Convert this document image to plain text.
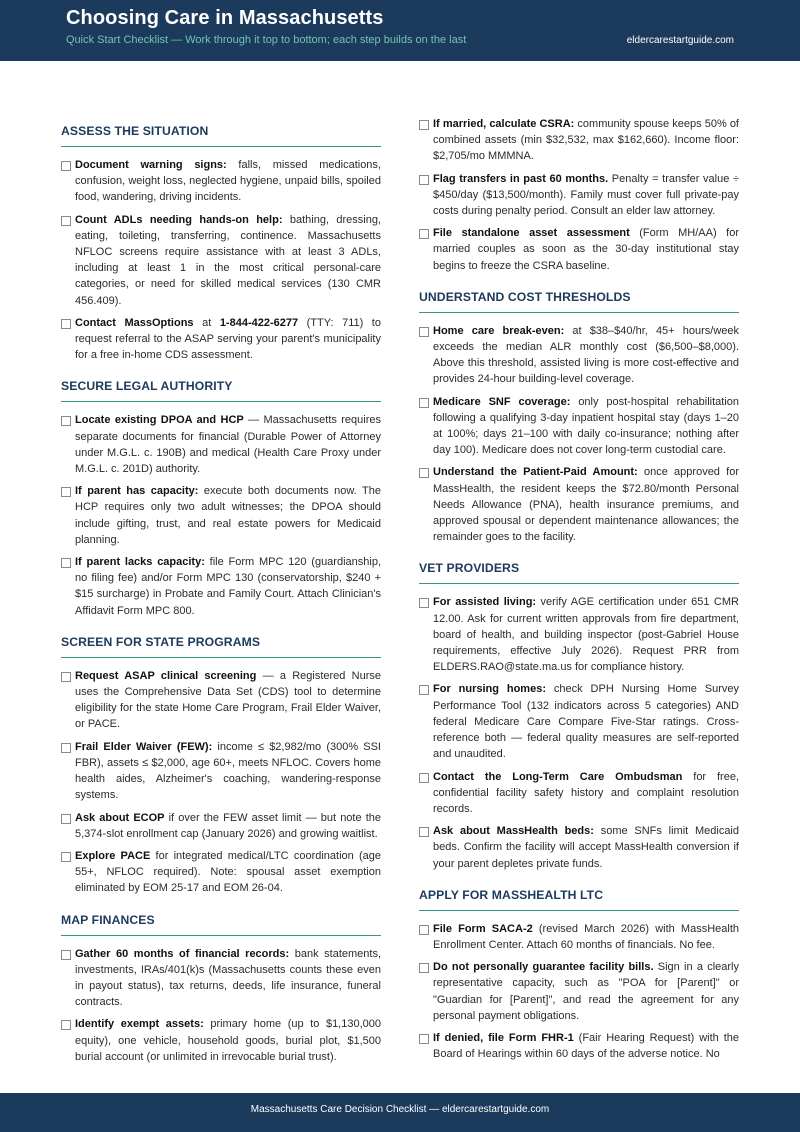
Choosing Care in Massachusetts
Quick Start Checklist — Work through it top to bottom; each step builds on the last	eldercarestartguide.com
ASSESS THE SITUATION
Document warning signs: falls, missed medications, confusion, weight loss, neglected hygiene, unpaid bills, spoiled food, wandering, driving incidents.
Count ADLs needing hands-on help: bathing, dressing, eating, toileting, transferring, continence. Massachusetts NFLOC screens require assistance with at least 3 ADLs, including at least 1 in the most critical personal-care categories, or need for skilled medical services (130 CMR 456.409).
Contact MassOptions at 1-844-422-6277 (TTY: 711) to request referral to the ASAP serving your parent's municipality for a free in-home CDS assessment.
SECURE LEGAL AUTHORITY
Locate existing DPOA and HCP — Massachusetts requires separate documents for financial (Durable Power of Attorney under M.G.L. c. 190B) and medical (Health Care Proxy under M.G.L. c. 201D) authority.
If parent has capacity: execute both documents now. The HCP requires only two adult witnesses; the DPOA should include gifting, trust, and real estate powers for Medicaid planning.
If parent lacks capacity: file Form MPC 120 (guardianship, no filing fee) and/or Form MPC 130 (conservatorship, $240 + $15 surcharge) in Probate and Family Court. Attach Clinician's Affidavit Form MPC 800.
SCREEN FOR STATE PROGRAMS
Request ASAP clinical screening — a Registered Nurse uses the Comprehensive Data Set (CDS) tool to determine eligibility for the state Home Care Program, Frail Elder Waiver, or PACE.
Frail Elder Waiver (FEW): income ≤ $2,982/mo (300% SSI FBR), assets ≤ $2,000, age 60+, meets NFLOC. Covers home health aides, Alzheimer's coaching, wandering-response systems.
Ask about ECOP if over the FEW asset limit — but note the 5,374-slot enrollment cap (January 2026) and growing waitlist.
Explore PACE for integrated medical/LTC coordination (age 55+, NFLOC required). Note: spousal asset exemption eliminated by EOM 25-17 and EOM 26-04.
MAP FINANCES
Gather 60 months of financial records: bank statements, investments, IRAs/401(k)s (Massachusetts counts these even in payout status), tax returns, deeds, life insurance, funeral contracts.
Identify exempt assets: primary home (up to $1,130,000 equity), one vehicle, household goods, burial plot, $1,500 burial account (or unlimited in irrevocable burial trust).
If married, calculate CSRA: community spouse keeps 50% of combined assets (min $32,532, max $162,660). Income floor: $2,705/mo MMMNA.
Flag transfers in past 60 months. Penalty = transfer value ÷ $450/day ($13,500/month). Family must cover full private-pay costs during penalty period. Consult an elder law attorney.
File standalone asset assessment (Form MH/AA) for married couples as soon as the 30-day institutional stay begins to freeze the CSRA baseline.
UNDERSTAND COST THRESHOLDS
Home care break-even: at $38–$40/hr, 45+ hours/week exceeds the median ALR monthly cost ($6,500–$8,000). Above this threshold, assisted living is more cost-effective and provides 24-hour building-level coverage.
Medicare SNF coverage: only post-hospital rehabilitation following a qualifying 3-day inpatient hospital stay (days 1–20 at 100%; days 21–100 with daily co-insurance; nothing after day 100). Medicare does not cover long-term custodial care.
Understand the Patient-Paid Amount: once approved for MassHealth, the resident keeps the $72.80/month Personal Needs Allowance (PNA), health insurance premiums, and approved spousal or dependent maintenance allowances; the remainder goes to the facility.
VET PROVIDERS
For assisted living: verify AGE certification under 651 CMR 12.00. Ask for current written approvals from fire department, board of health, and building inspector (post-Gabriel House requirements, effective July 2026). Request PRR from ELDERS.RAO@state.ma.us for compliance history.
For nursing homes: check DPH Nursing Home Survey Performance Tool (132 indicators across 5 categories) AND federal Medicare Care Compare Five-Star ratings. Cross-reference both — federal quality measures are self-reported and unaudited.
Contact the Long-Term Care Ombudsman for free, confidential facility safety history and complaint resolution records.
Ask about MassHealth beds: some SNFs limit Medicaid beds. Confirm the facility will accept MassHealth conversion if your parent depletes private funds.
APPLY FOR MASSHEALTH LTC
File Form SACA-2 (revised March 2026) with MassHealth Enrollment Center. Attach 60 months of financials. No fee.
Do not personally guarantee facility bills. Sign in a clearly representative capacity, such as "POA for [Parent]" or "Guardian for [Parent]", and read the agreement for any personal payment obligations.
If denied, file Form FHR-1 (Fair Hearing Request) with the Board of Hearings within 60 days of the adverse notice. No
Massachusetts Care Decision Checklist — eldercarestartguide.com
